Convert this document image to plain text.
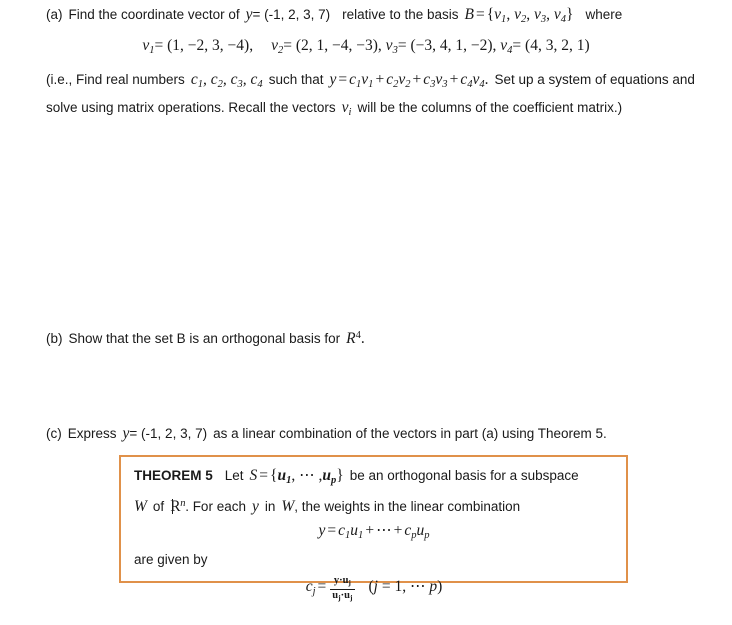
(a) Find the coordinate vector of y= (-1, 2, 3, 7) relative to the basis $B = \{v_1$, $v_2$, $v_3$, $v_4$} where
$v_1= (1$, −2, 3, −4), $v_2= (2$, 1, −4, −3), $v_3= (-3$, 4, 1, −2), $v_4= (4$, 3, 2, 1)
(i.e., Find real numbers $c_1$, $c_2$, $c_3$, $c_4$ such that $y = c_1v_1 + c_2v_2 + c_3v_3 + c_4v_4$. Set up a system of equations and solve using matrix operations. Recall the vectors $v_i$ will be the columns of the coefficient matrix.)
(b) Show that the set B is an orthogonal basis for $R^4$.
(c) Express y= (-1, 2, 3, 7) as a linear combination of the vectors in part (a) using Theorem 5.
THEOREM 5 Let $S = \{u_1$, ⋯ $,u_p$} be an orthogonal basis for a subspace
W of $R^n$. For each y in W, the weights in the linear combination
$y = c_1u_1$ + ⋯ + $c_pu_p$
are given by
$c_j = \frac{y\cdot u_j}{u_j\cdot u_j} (j = 1$, ⋯ p)
